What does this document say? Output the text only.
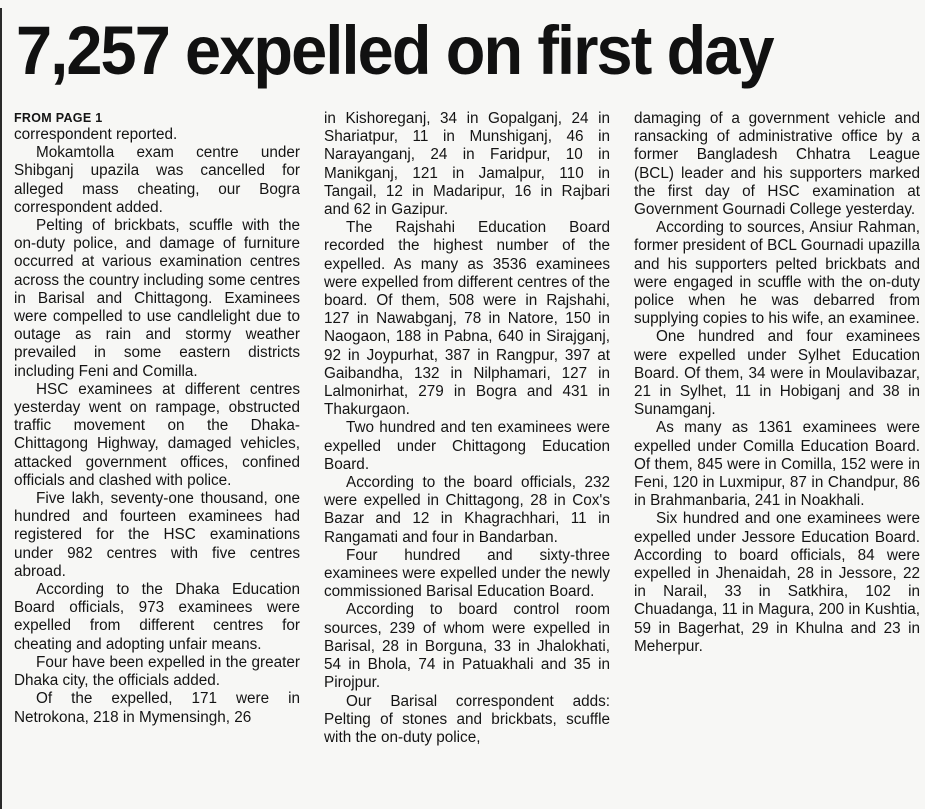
7,257 expelled on first day
FROM PAGE 1

correspondent reported.

Mokamtolla exam centre under Shibganj upazila was cancelled for alleged mass cheating, our Bogra correspondent added.

Pelting of brickbats, scuffle with the on-duty police, and damage of furniture occurred at various examination centres across the country including some centres in Barisal and Chittagong. Examinees were compelled to use candlelight due to outage as rain and stormy weather prevailed in some eastern districts including Feni and Comilla.

HSC examinees at different centres yesterday went on rampage, obstructed traffic movement on the Dhaka-Chittagong Highway, damaged vehicles, attacked government offices, confined officials and clashed with police.

Five lakh, seventy-one thousand, one hundred and fourteen examinees had registered for the HSC examinations under 982 centres with five centres abroad.

According to the Dhaka Education Board officials, 973 examinees were expelled from different centres for cheating and adopting unfair means.

Four have been expelled in the greater Dhaka city, the officials added.

Of the expelled, 171 were in Netrokona, 218 in Mymensingh, 26

in Kishoreganj, 34 in Gopalganj, 24 in Shariatpur, 11 in Munshiganj, 46 in Narayanganj, 24 in Faridpur, 10 in Manikganj, 121 in Jamalpur, 110 in Tangail, 12 in Madaripur, 16 in Rajbari and 62 in Gazipur.

The Rajshahi Education Board recorded the highest number of the expelled. As many as 3536 examinees were expelled from different centres of the board. Of them, 508 were in Rajshahi, 127 in Nawabganj, 78 in Natore, 150 in Naogaon, 188 in Pabna, 640 in Sirajganj, 92 in Joypurhat, 387 in Rangpur, 397 at Gaibandha, 132 in Nilphamari, 127 in Lalmonirhat, 279 in Bogra and 431 in Thakurgaon.

Two hundred and ten examinees were expelled under Chittagong Education Board.

According to the board officials, 232 were expelled in Chittagong, 28 in Cox's Bazar and 12 in Khagrachhari, 11 in Rangamati and four in Bandarban.

Four hundred and sixty-three examinees were expelled under the newly commissioned Barisal Education Board.

According to board control room sources, 239 of whom were expelled in Barisal, 28 in Borguna, 33 in Jhalokhati, 54 in Bhola, 74 in Patuakhali and 35 in Pirojpur.

Our Barisal correspondent adds: Pelting of stones and brickbats, scuffle with the on-duty police,

damaging of a government vehicle and ransacking of administrative office by a former Bangladesh Chhatra League (BCL) leader and his supporters marked the first day of HSC examination at Government Gournadi College yesterday.

According to sources, Ansiur Rahman, former president of BCL Gournadi upazilla and his supporters pelted brickbats and were engaged in scuffle with the on-duty police when he was debarred from supplying copies to his wife, an examinee.

One hundred and four examinees were expelled under Sylhet Education Board. Of them, 34 were in Moulavibazar, 21 in Sylhet, 11 in Hobiganj and 38 in Sunamganj.

As many as 1361 examinees were expelled under Comilla Education Board. Of them, 845 were in Comilla, 152 were in Feni, 120 in Luxmipur, 87 in Chandpur, 86 in Brahmanbaria, 241 in Noakhali.

Six hundred and one examinees were expelled under Jessore Education Board. According to board officials, 84 were expelled in Jhenaidah, 28 in Jessore, 22 in Narail, 33 in Satkhira, 102 in Chuadanga, 11 in Magura, 200 in Kushtia, 59 in Bagerhat, 29 in Khulna and 23 in Meherpur.
